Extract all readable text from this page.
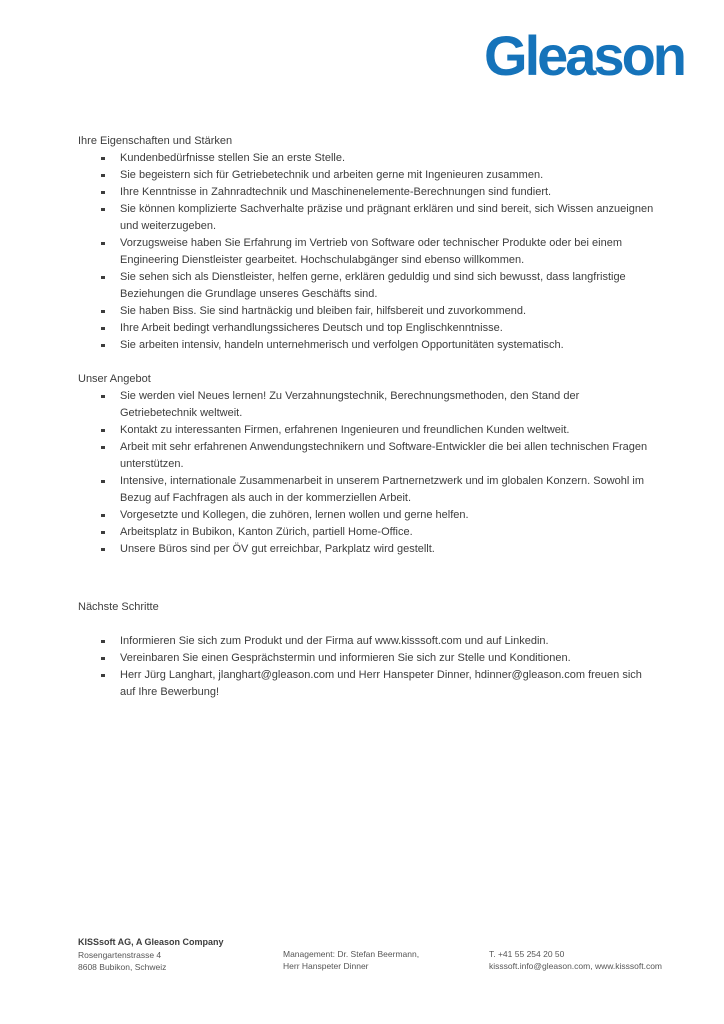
Gleason
Ihre Eigenschaften und Stärken
Kundenbedürfnisse stellen Sie an erste Stelle.
Sie begeistern sich für Getriebetechnik und arbeiten gerne mit Ingenieuren zusammen.
Ihre Kenntnisse in Zahnradtechnik und Maschinenelemente-Berechnungen sind fundiert.
Sie können komplizierte Sachverhalte präzise und prägnant erklären und sind bereit, sich Wissen anzueignen und weiterzugeben.
Vorzugsweise haben Sie Erfahrung im Vertrieb von Software oder technischer Produkte oder bei einem Engineering Dienstleister gearbeitet. Hochschulabgänger sind ebenso willkommen.
Sie sehen sich als Dienstleister, helfen gerne, erklären geduldig und sind sich bewusst, dass langfristige Beziehungen die Grundlage unseres Geschäfts sind.
Sie haben Biss. Sie sind hartnäckig und bleiben fair, hilfsbereit und zuvorkommend.
Ihre Arbeit bedingt verhandlungssicheres Deutsch und top Englischkenntnisse.
Sie arbeiten intensiv, handeln unternehmerisch und verfolgen Opportunitäten systematisch.
Unser Angebot
Sie werden viel Neues lernen! Zu Verzahnungstechnik, Berechnungsmethoden, den Stand der Getriebetechnik weltweit.
Kontakt zu interessanten Firmen, erfahrenen Ingenieuren und freundlichen Kunden weltweit.
Arbeit mit sehr erfahrenen Anwendungstechnikern und Software-Entwickler die bei allen technischen Fragen unterstützen.
Intensive, internationale Zusammenarbeit in unserem Partnernetzwerk und im globalen Konzern. Sowohl im Bezug auf Fachfragen als auch in der kommerziellen Arbeit.
Vorgesetzte und Kollegen, die zuhören, lernen wollen und gerne helfen.
Arbeitsplatz in Bubikon, Kanton Zürich, partiell Home-Office.
Unsere Büros sind per ÖV gut erreichbar, Parkplatz wird gestellt.
Nächste Schritte
Informieren Sie sich zum Produkt und der Firma auf www.kisssoft.com und auf Linkedin.
Vereinbaren Sie einen Gesprächstermin und informieren Sie sich zur Stelle und Konditionen.
Herr Jürg Langhart, jlanghart@gleason.com und Herr Hanspeter Dinner, hdinner@gleason.com freuen sich auf Ihre Bewerbung!
KISSsoft AG, A Gleason Company
Rosengartenstrasse 4
8608 Bubikon, Schweiz
Management: Dr. Stefan Beermann,
Herr Hanspeter Dinner
T. +41 55 254 20 50
kisssoft.info@gleason.com, www.kisssoft.com
